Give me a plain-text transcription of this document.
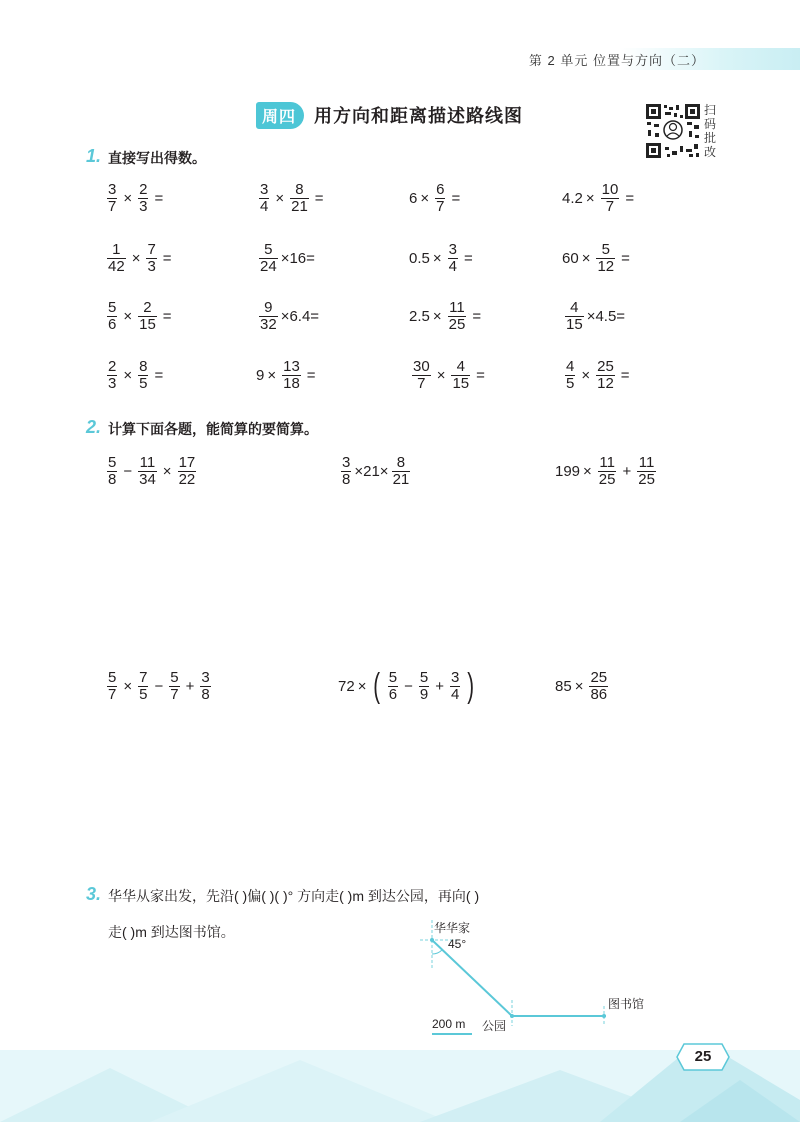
第 2 单元 位置与方向（二）
周四	用方向和距离描述路线图	扫
码
批
改
1. 直接写出得数。
$\frac{3}{7} \times \frac{2}{3}$ =	$\frac{3}{4} \times \frac{8}{21}$ =	$6 \times \frac{6}{7}$ =	$4.2 \times \frac{10}{7}$ =
$\frac{1}{42} \times \frac{7}{3}$ =	$\frac{5}{24} \times 16=$	$0.5 \times \frac{3}{4}$ =	$60 \times \frac{5}{12}$ =
$\frac{5}{6} \times \frac{2}{15}$ =	$\frac{9}{32} \times 6.4=$	$2.5 \times \frac{11}{25}$ =	$\frac{4}{15} \times 4.5=$
$\frac{2}{3} \times \frac{8}{5}$ =	$9 \times \frac{13}{18}$ =	$\frac{30}{7} \times \frac{4}{15}$ =	$\frac{4}{5} \times \frac{25}{12}$ =
2. 计算下面各题，能简算的要简算。
$\frac{5}{8} - \frac{11}{34} \times \frac{17}{22}$	$\frac{3}{8} \times 21\times \frac{8}{21}$	$199 \times \frac{11}{25} + \frac{11}{25}$
$\frac{5}{7} \times \frac{7}{5} - \frac{5}{7} + \frac{3}{8}$	72 × ( $\frac{5}{6} - \frac{5}{9} + \frac{3}{4}$ )	$85 \times \frac{25}{86}$
3. 华华从家出发，先沿( )偏( )( )° 方向走( )m 到达公园，再向( )
走( )m 到达图书馆。	华华家
45°
图书馆
200 m 公园
25
